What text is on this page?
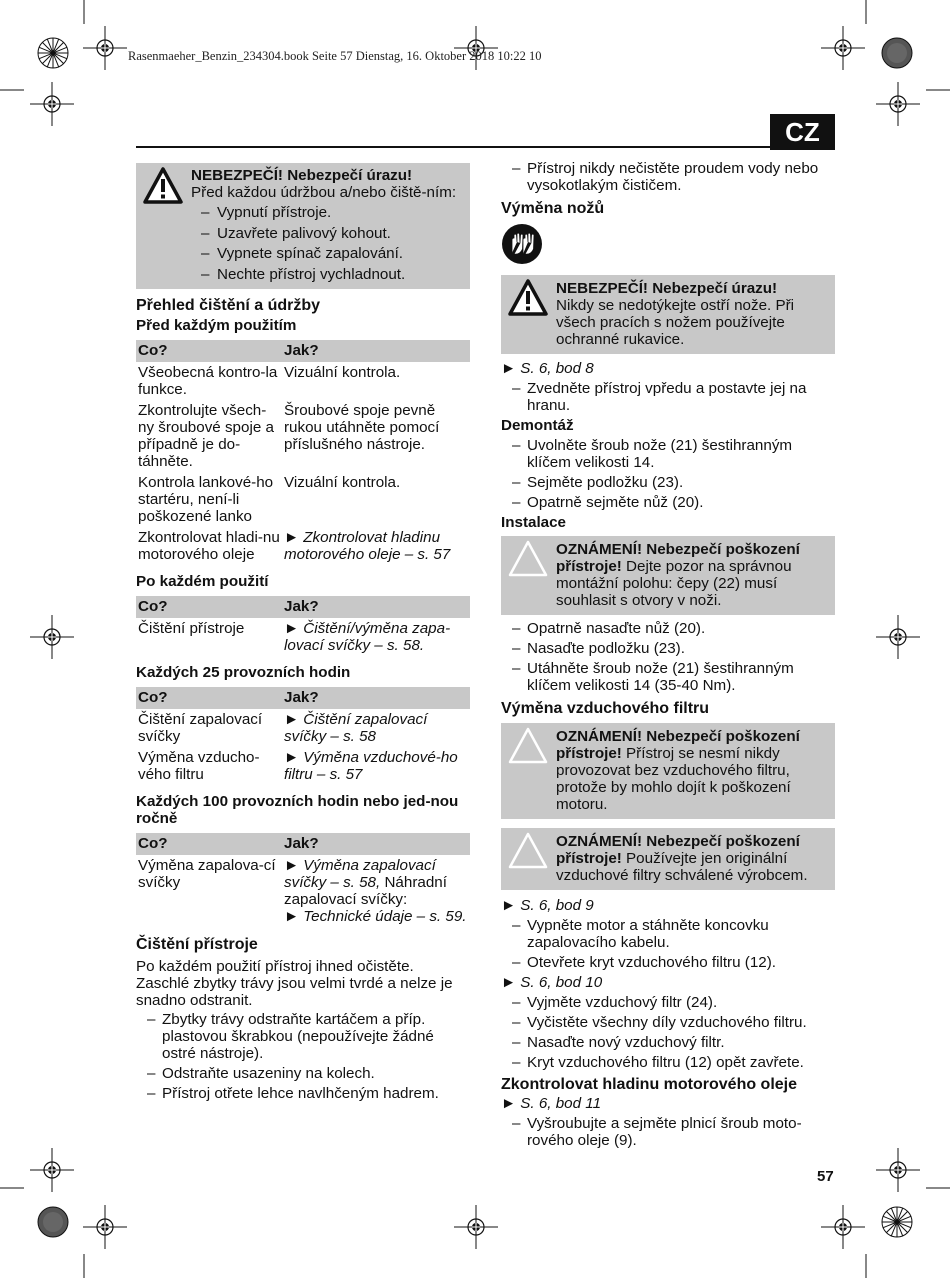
Rasenmaeher_Benzin_234304.book Seite 57 Dienstag, 16. Oktober 2018 10:22 10
CZ
NEBEZPEČÍ! Nebezpečí úrazu!
Před každou údržbou a/nebo čiště-ním:
– Vypnutí přístroje.
– Uzavřete palivový kohout.
– Vypnete spínač zapalování.
– Nechte přístroj vychladnout.
Přehled čištění a údržby
Před každým použitím
Co?	Jak?
Všeobecná kontro-la funkce.	Vizuální kontrola.
Zkontrolujte všech-ny šroubové spoje a případně je do-táhněte.	Šroubové spoje pevně rukou utáhněte pomocí příslušného nástroje.
Kontrola lankové-ho startéru, není-li poškozené lanko	Vizuální kontrola.
Zkontrolovat hladi-nu motorového oleje	► Zkontrolovat hladinu motorového oleje – s. 57
Po každém použití
Co?	Jak?
Čištění přístroje	► Čištění/výměna zapa-lovací svíčky – s. 58.
Každých 25 provozních hodin
Co?	Jak?
Čištění zapalovací svíčky	► Čištění zapalovací svíčky – s. 58
Výměna vzducho-vého filtru	► Výměna vzduchové-ho filtru – s. 57
Každých 100 provozních hodin nebo jed-nou ročně
Co?	Jak?
Výměna zapalova-cí svíčky	► Výměna zapalovací svíčky – s. 58, Náhradní zapalovací svíčky:
► Technické údaje – s. 59.
Čištění přístroje
Po každém použití přístroj ihned očistěte. Zaschlé zbytky trávy jsou velmi tvrdé a nelze je snadno odstranit.
– Zbytky trávy odstraňte kartáčem a příp. plastovou škrabkou (nepoužívejte žádné ostré nástroje).
– Odstraňte usazeniny na kolech.
– Přístroj otřete lehce navlhčeným hadrem.
– Přístroj nikdy nečistěte proudem vody nebo vysokotlakým čističem.
Výměna nožů
NEBEZPEČÍ! Nebezpečí úrazu!
Nikdy se nedotýkejte ostří nože. Při všech pracích s nožem používejte ochranné rukavice.
► S. 6, bod 8
– Zvedněte přístroj vpředu a postavte jej na hranu.
Demontáž
– Uvolněte šroub nože (21) šestihranným klíčem velikosti 14.
– Sejměte podložku (23).
– Opatrně sejměte nůž (20).
Instalace
OZNÁMENÍ! Nebezpečí poškození přístroje! Dejte pozor na správnou montážní polohu: čepy (22) musí souhlasit s otvory v noži.
– Opatrně nasaďte nůž (20).
– Nasaďte podložku (23).
– Utáhněte šroub nože (21) šestihranným klíčem velikosti 14 (35-40 Nm).
Výměna vzduchového filtru
OZNÁMENÍ! Nebezpečí poškození přístroje! Přístroj se nesmí nikdy provozovat bez vzduchového filtru, protože by mohlo dojít k poškození motoru.
OZNÁMENÍ! Nebezpečí poškození přístroje! Používejte jen originální vzduchové filtry schválené výrobcem.
► S. 6, bod 9
– Vypněte motor a stáhněte koncovku zapalovacího kabelu.
– Otevřete kryt vzduchového filtru (12).
► S. 6, bod 10
– Vyjměte vzduchový filtr (24).
– Vyčistěte všechny díly vzduchového filtru.
– Nasaďte nový vzduchový filtr.
– Kryt vzduchového filtru (12) opět zavřete.
Zkontrolovat hladinu motorového oleje
► S. 6, bod 11
– Vyšroubujte a sejměte plnicí šroub moto-rového oleje (9).
57
